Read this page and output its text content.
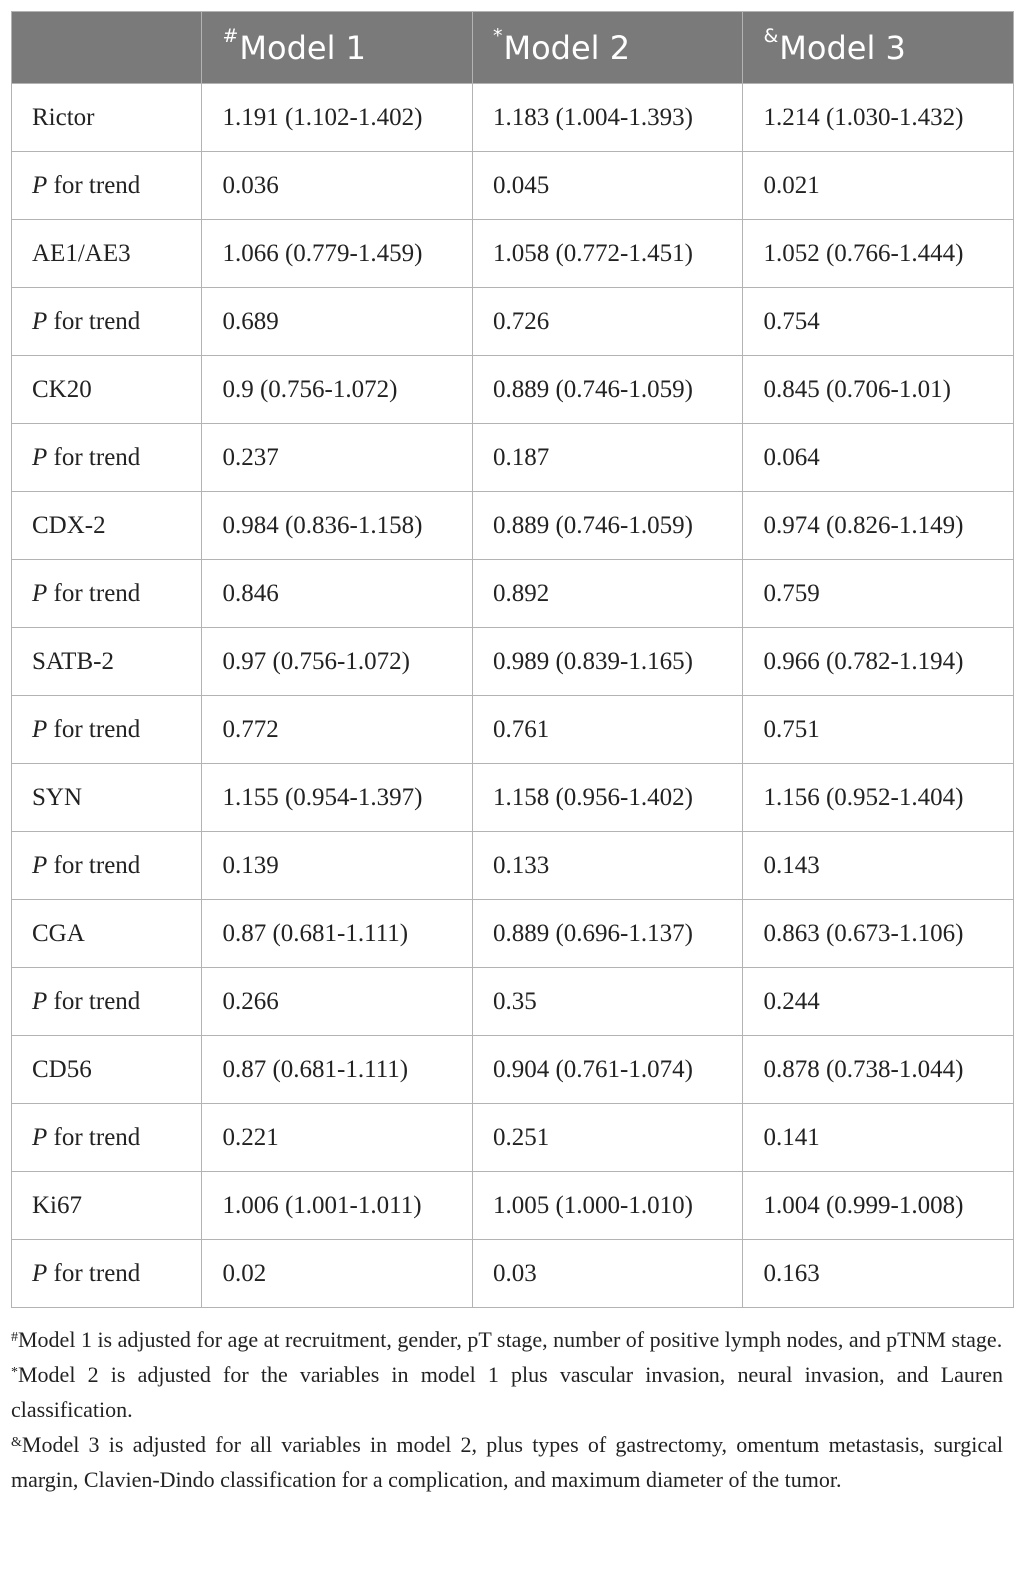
	#Model 1	*Model 2	&Model 3
Rictor	1.191 (1.102-1.402)	1.183 (1.004-1.393)	1.214 (1.030-1.432)
P for trend	0.036	0.045	0.021
AE1/AE3	1.066 (0.779-1.459)	1.058 (0.772-1.451)	1.052 (0.766-1.444)
P for trend	0.689	0.726	0.754
CK20	0.9 (0.756-1.072)	0.889 (0.746-1.059)	0.845 (0.706-1.01)
P for trend	0.237	0.187	0.064
CDX-2	0.984 (0.836-1.158)	0.889 (0.746-1.059)	0.974 (0.826-1.149)
P for trend	0.846	0.892	0.759
SATB-2	0.97 (0.756-1.072)	0.989 (0.839-1.165)	0.966 (0.782-1.194)
P for trend	0.772	0.761	0.751
SYN	1.155 (0.954-1.397)	1.158 (0.956-1.402)	1.156 (0.952-1.404)
P for trend	0.139	0.133	0.143
CGA	0.87 (0.681-1.111)	0.889 (0.696-1.137)	0.863 (0.673-1.106)
P for trend	0.266	0.35	0.244
CD56	0.87 (0.681-1.111)	0.904 (0.761-1.074)	0.878 (0.738-1.044)
P for trend	0.221	0.251	0.141
Ki67	1.006 (1.001-1.011)	1.005 (1.000-1.010)	1.004 (0.999-1.008)
P for trend	0.02	0.03	0.163
#Model 1 is adjusted for age at recruitment, gender, pT stage, number of positive lymph nodes, and pTNM stage.
*Model 2 is adjusted for the variables in model 1 plus vascular invasion, neural invasion, and Lauren classification.
&Model 3 is adjusted for all variables in model 2, plus types of gastrectomy, omentum metastasis, surgical margin, Clavien-Dindo classification for a complication, and maximum diameter of the tumor.
